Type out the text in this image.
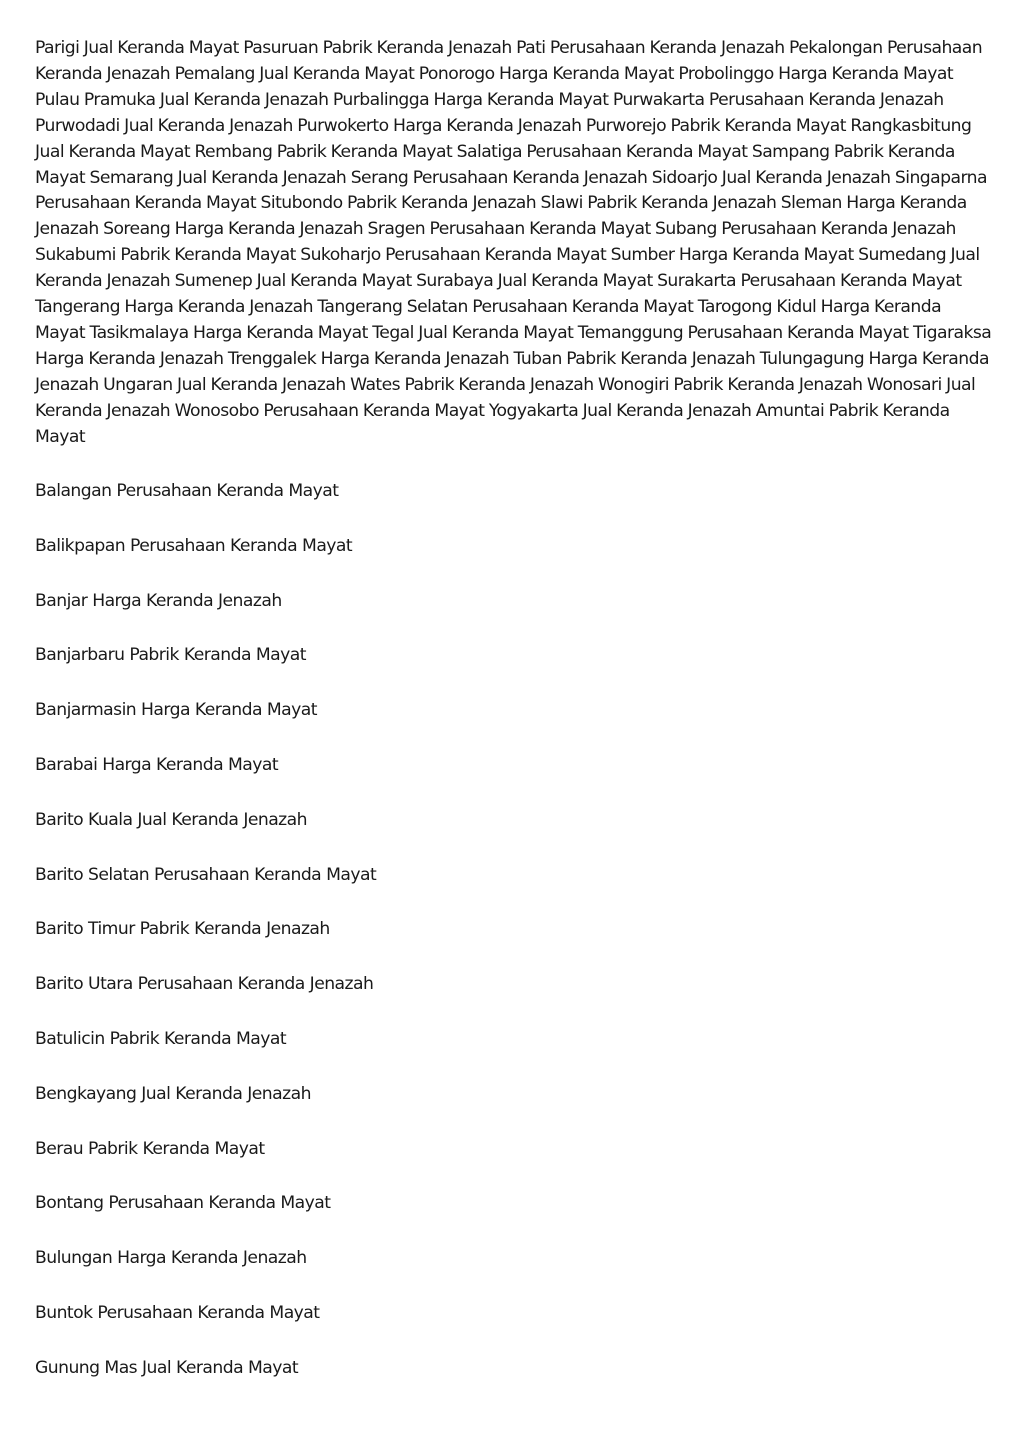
Parigi Jual Keranda Mayat Pasuruan Pabrik Keranda Jenazah Pati Perusahaan Keranda Jenazah Pekalongan Perusahaan Keranda Jenazah Pemalang Jual Keranda Mayat Ponorogo Harga Keranda Mayat Probolinggo Harga Keranda Mayat Pulau Pramuka Jual Keranda Jenazah Purbalingga Harga Keranda Mayat Purwakarta Perusahaan Keranda Jenazah Purwodadi Jual Keranda Jenazah Purwokerto Harga Keranda Jenazah Purworejo Pabrik Keranda Mayat Rangkasbitung Jual Keranda Mayat Rembang Pabrik Keranda Mayat Salatiga Perusahaan Keranda Mayat Sampang Pabrik Keranda Mayat Semarang Jual Keranda Jenazah Serang Perusahaan Keranda Jenazah Sidoarjo Jual Keranda Jenazah Singaparna Perusahaan Keranda Mayat Situbondo Pabrik Keranda Jenazah Slawi Pabrik Keranda Jenazah Sleman Harga Keranda Jenazah Soreang Harga Keranda Jenazah Sragen Perusahaan Keranda Mayat Subang Perusahaan Keranda Jenazah Sukabumi Pabrik Keranda Mayat Sukoharjo Perusahaan Keranda Mayat Sumber Harga Keranda Mayat Sumedang Jual Keranda Jenazah Sumenep Jual Keranda Mayat Surabaya Jual Keranda Mayat Surakarta Perusahaan Keranda Mayat Tangerang Harga Keranda Jenazah Tangerang Selatan Perusahaan Keranda Mayat Tarogong Kidul Harga Keranda Mayat Tasikmalaya Harga Keranda Mayat Tegal Jual Keranda Mayat Temanggung Perusahaan Keranda Mayat Tigaraksa Harga Keranda Jenazah Trenggalek Harga Keranda Jenazah Tuban Pabrik Keranda Jenazah Tulungagung Harga Keranda Jenazah Ungaran Jual Keranda Jenazah Wates Pabrik Keranda Jenazah Wonogiri Pabrik Keranda Jenazah Wonosari Jual Keranda Jenazah Wonosobo Perusahaan Keranda Mayat Yogyakarta Jual Keranda Jenazah Amuntai Pabrik Keranda Mayat

Balangan Perusahaan Keranda Mayat
Balikpapan Perusahaan Keranda Mayat
Banjar Harga Keranda Jenazah
Banjarbaru Pabrik Keranda Mayat
Banjarmasin Harga Keranda Mayat
Barabai Harga Keranda Mayat
Barito Kuala Jual Keranda Jenazah
Barito Selatan Perusahaan Keranda Mayat
Barito Timur Pabrik Keranda Jenazah
Barito Utara Perusahaan Keranda Jenazah
Batulicin Pabrik Keranda Mayat
Bengkayang Jual Keranda Jenazah
Berau Pabrik Keranda Mayat
Bontang Perusahaan Keranda Mayat
Bulungan Harga Keranda Jenazah
Buntok Perusahaan Keranda Mayat
Gunung Mas Jual Keranda Mayat
